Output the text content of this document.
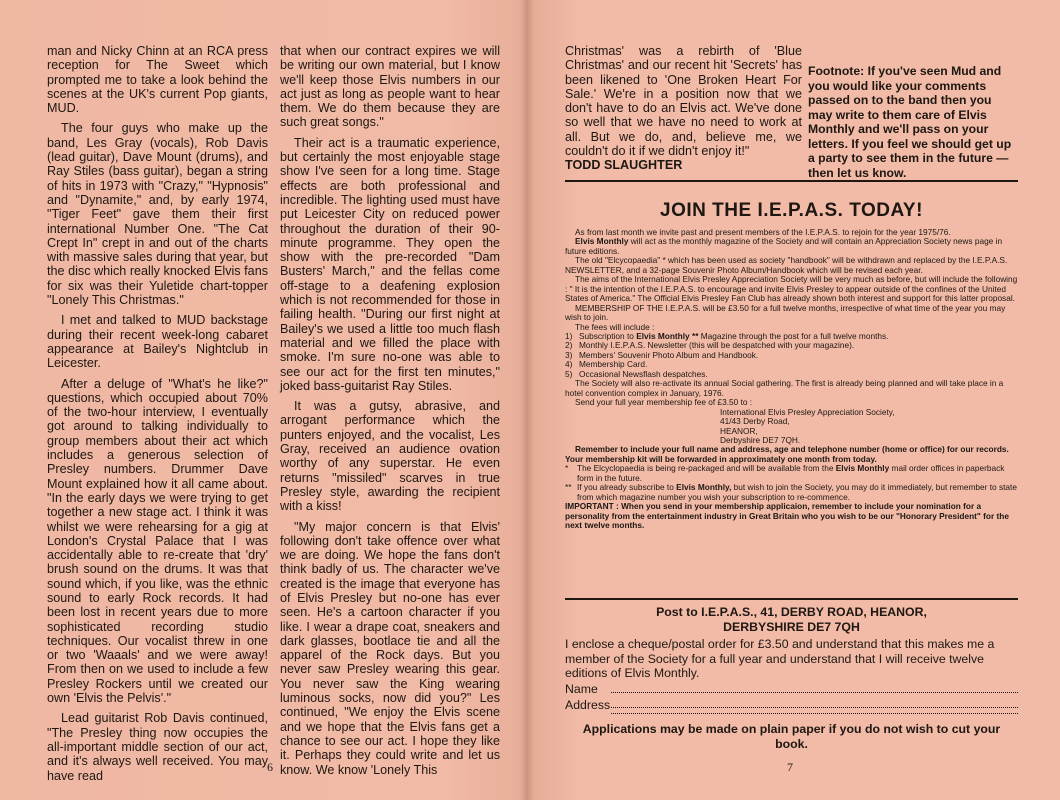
man and Nicky Chinn at an RCA press reception for The Sweet which prompted me to take a look behind the scenes at the UK's current Pop giants, MUD.

The four guys who make up the band, Les Gray (vocals), Rob Davis (lead guitar), Dave Mount (drums), and Ray Stiles (bass guitar), began a string of hits in 1973 with "Crazy," "Hypnosis" and "Dynamite," and, by early 1974, "Tiger Feet" gave them their first international Number One. "The Cat Crept In" crept in and out of the charts with massive sales during that year, but the disc which really knocked Elvis fans for six was their Yuletide chart-topper "Lonely This Christmas."

I met and talked to MUD backstage during their recent week-long cabaret appearance at Bailey's Nightclub in Leicester.

After a deluge of "What's he like?" questions, which occupied about 70% of the two-hour interview, I eventually got around to talking individually to group members about their act which includes a generous selection of Presley numbers. Drummer Dave Mount explained how it all came about. "In the early days we were trying to get together a new stage act. I think it was whilst we were rehearsing for a gig at London's Crystal Palace that I was accidentally able to re-create that 'dry' brush sound on the drums. It was that sound which, if you like, was the ethnic sound to early Rock records. It had been lost in recent years due to more sophisticated recording studio techniques. Our vocalist threw in one or two 'Waaals' and we were away! From then on we used to include a few Presley Rockers until we created our own 'Elvis the Pelvis'."

Lead guitarist Rob Davis continued, "The Presley thing now occupies the all-important middle section of our act, and it's always well received. You may have read

that when our contract expires we will be writing our own material, but I know we'll keep those Elvis numbers in our act just as long as people want to hear them. We do them because they are such great songs."

Their act is a traumatic experience, but certainly the most enjoyable stage show I've seen for a long time. Stage effects are both professional and incredible. The lighting used must have put Leicester City on reduced power throughout the duration of their 90-minute programme. They open the show with the pre-recorded "Dam Busters' March," and the fellas come off-stage to a deafening explosion which is not recommended for those in failing health. "During our first night at Bailey's we used a little too much flash material and we filled the place with smoke. I'm sure no-one was able to see our act for the first ten minutes," joked bass-guitarist Ray Stiles.

It was a gutsy, abrasive, and arrogant performance which the punters enjoyed, and the vocalist, Les Gray, received an audience ovation worthy of any superstar. He even returns "missiled" scarves in true Presley style, awarding the recipient with a kiss!

"My major concern is that Elvis' following don't take offence over what we are doing. We hope the fans don't think badly of us. The character we've created is the image that everyone has of Elvis Presley but no-one has ever seen. He's a cartoon character if you like. I wear a drape coat, sneakers and dark glasses, bootlace tie and all the apparel of the Rock days. But you never saw Presley wearing this gear. You never saw the King wearing luminous socks, now did you?" Les continued, "We enjoy the Elvis scene and we hope that the Elvis fans get a chance to see our act. I hope they like it. Perhaps they could write and let us know. We know 'Lonely This

6

Christmas' was a rebirth of 'Blue Christmas' and our recent hit 'Secrets' has been likened to 'One Broken Heart For Sale.' We're in a position now that we don't have to do an Elvis act. We've done so well that we have no need to work at all. But we do, and, believe me, we couldn't do it if we didn't enjoy it!"

TODD SLAUGHTER

Footnote: If you've seen Mud and you would like your comments passed on to the band then you may write to them care of Elvis Monthly and we'll pass on your letters. If you feel we should get up a party to see them in the future — then let us know.
JOIN THE I.E.P.A.S. TODAY!

As from last month we invite past and present members of the I.E.P.A.S. to rejoin for the year 1975/76.

Elvis Monthly will act as the monthly magazine of the Society and will contain an Appreciation Society news page in future editions.

The old "Elcycopaedia" * which has been used as society "handbook" will be withdrawn and replaced by the I.E.P.A.S. NEWSLETTER, and a 32-page Souvenir Photo Album/Handbook which will be revised each year.

The aims of the International Elvis Presley Appreciation Society will be very much as before, but will include the following : " It is the intention of the I.E.P.A.S. to encourage and invite Elvis Presley to appear outside of the confines of the United States of America." The Official Elvis Presley Fan Club has already shown both interest and support for this latter proposal.

MEMBERSHIP OF THE I.E.P.A.S. will be £3.50 for a full twelve months, irrespective of what time of the year you may wish to join.

The fees will include :

1) Subscription to Elvis Monthly ** Magazine through the post for a full twelve months.
2) Monthly I.E.P.A.S. Newsletter (this will be despatched with your magazine).
3) Members' Souvenir Photo Album and Handbook.
4) Membership Card.
5) Occasional Newsflash despatches.

The Society will also re-activate its annual Social gathering. The first is already being planned and will take place in a hotel convention complex in January, 1976.

Send your full year membership fee of £3.50 to :

International Elvis Presley Appreciation Society,
41/43 Derby Road,
HEANOR,
Derbyshire DE7 7QH.

Remember to include your full name and address, age and telephone number (home or office) for our records. Your membership kit will be forwarded in approximately one month from today.

*	The Elcyclopaedia is being re-packaged and will be available from the Elvis Monthly mail order offices in paperback form in the future.
** If you already subscribe to Elvis Monthly, but wish to join the Society, you may do it immediately, but remember to state from which magazine number you wish your subscription to re-commence.

IMPORTANT : When you send in your membership applicaion, remember to include your nomination for a personality from the entertainment industry in Great Britain who you wish to be our "Honorary President" for the next twelve months.

Post to I.E.P.A.S., 41, DERBY ROAD, HEANOR,
DERBYSHIRE DE7 7QH

I enclose a cheque/postal order for £3.50 and understand that this makes me a member of the Society for a full year and understand that I will receive twelve editions of Elvis Monthly.

Name
Address

Applications may be made on plain paper if you do not wish to cut your book.

7
